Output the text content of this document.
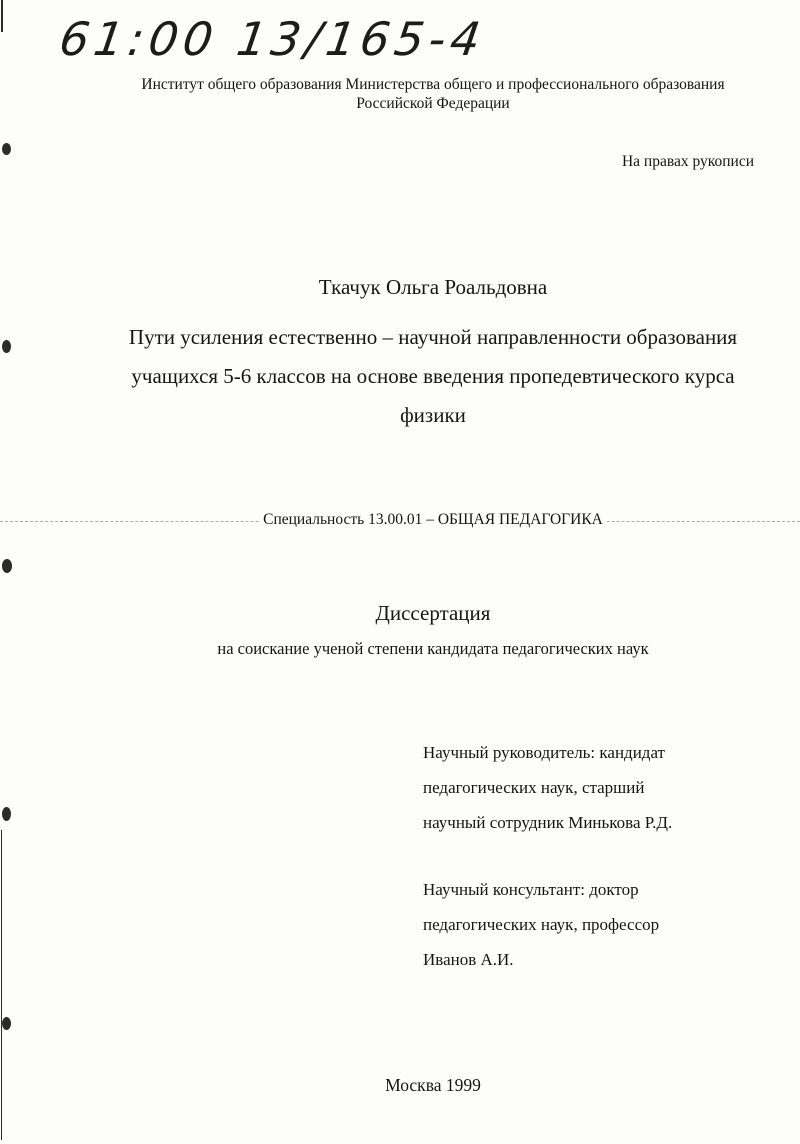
61:00 13/165-4
Институт общего образования Министерства общего и профессионального образования
Российской Федерации
На правах рукописи
Ткачук Ольга Роальдовна
Пути усиления естественно – научной направленности образования
учащихся 5-6 классов на основе введения пропедевтического курса
физики
Специальность 13.00.01 – ОБЩАЯ ПЕДАГОГИКА
Диссертация
на соискание ученой степени кандидата педагогических наук
Научный руководитель: кандидат
педагогических наук, старший
научный сотрудник Минькова Р.Д.
Научный консультант: доктор
педагогических наук, профессор
Иванов А.И.
Москва 1999
